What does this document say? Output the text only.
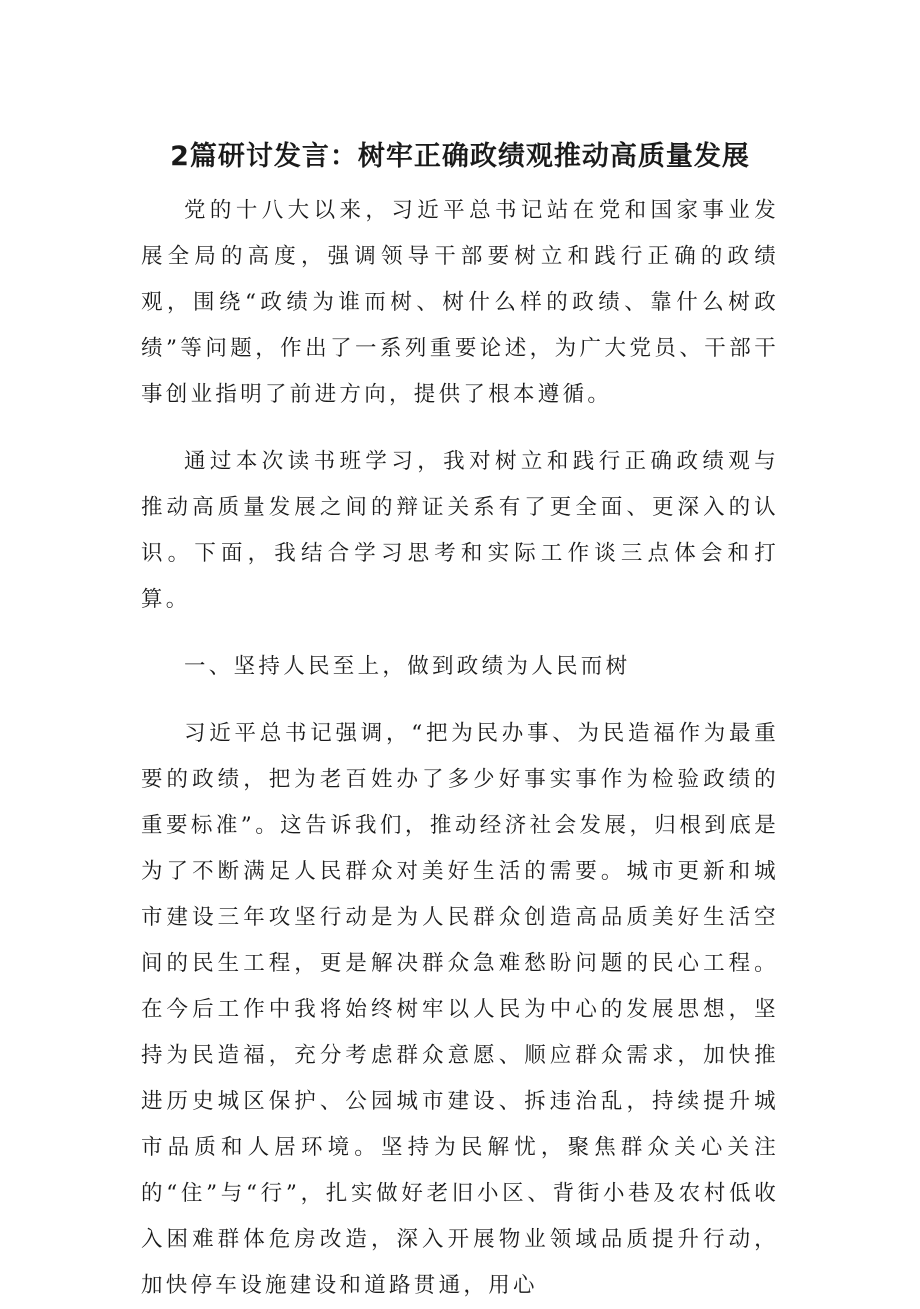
2篇研讨发言：树牢正确政绩观推动高质量发展

党的十八大以来，习近平总书记站在党和国家事业发展全局的高度，强调领导干部要树立和践行正确的政绩观，围绕“政绩为谁而树、树什么样的政绩、靠什么树政绩”等问题，作出了一系列重要论述，为广大党员、干部干事创业指明了前进方向，提供了根本遵循。

通过本次读书班学习，我对树立和践行正确政绩观与推动高质量发展之间的辩证关系有了更全面、更深入的认识。下面，我结合学习思考和实际工作谈三点体会和打算。

一、坚持人民至上，做到政绩为人民而树

习近平总书记强调，“把为民办事、为民造福作为最重要的政绩，把为老百姓办了多少好事实事作为检验政绩的重要标准”。这告诉我们，推动经济社会发展，归根到底是为了不断满足人民群众对美好生活的需要。城市更新和城市建设三年攻坚行动是为人民群众创造高品质美好生活空间的民生工程，更是解决群众急难愁盼问题的民心工程。在今后工作中我将始终树牢以人民为中心的发展思想，坚持为民造福，充分考虑群众意愿、顺应群众需求，加快推进历史城区保护、公园城市建设、拆违治乱，持续提升城市品质和人居环境。坚持为民解忧，聚焦群众关心关注的“住”与“行”，扎实做好老旧小区、背街小巷及农村低收入困难群体危房改造，深入开展物业领域品质提升行动，加快停车设施建设和道路贯通，用心
